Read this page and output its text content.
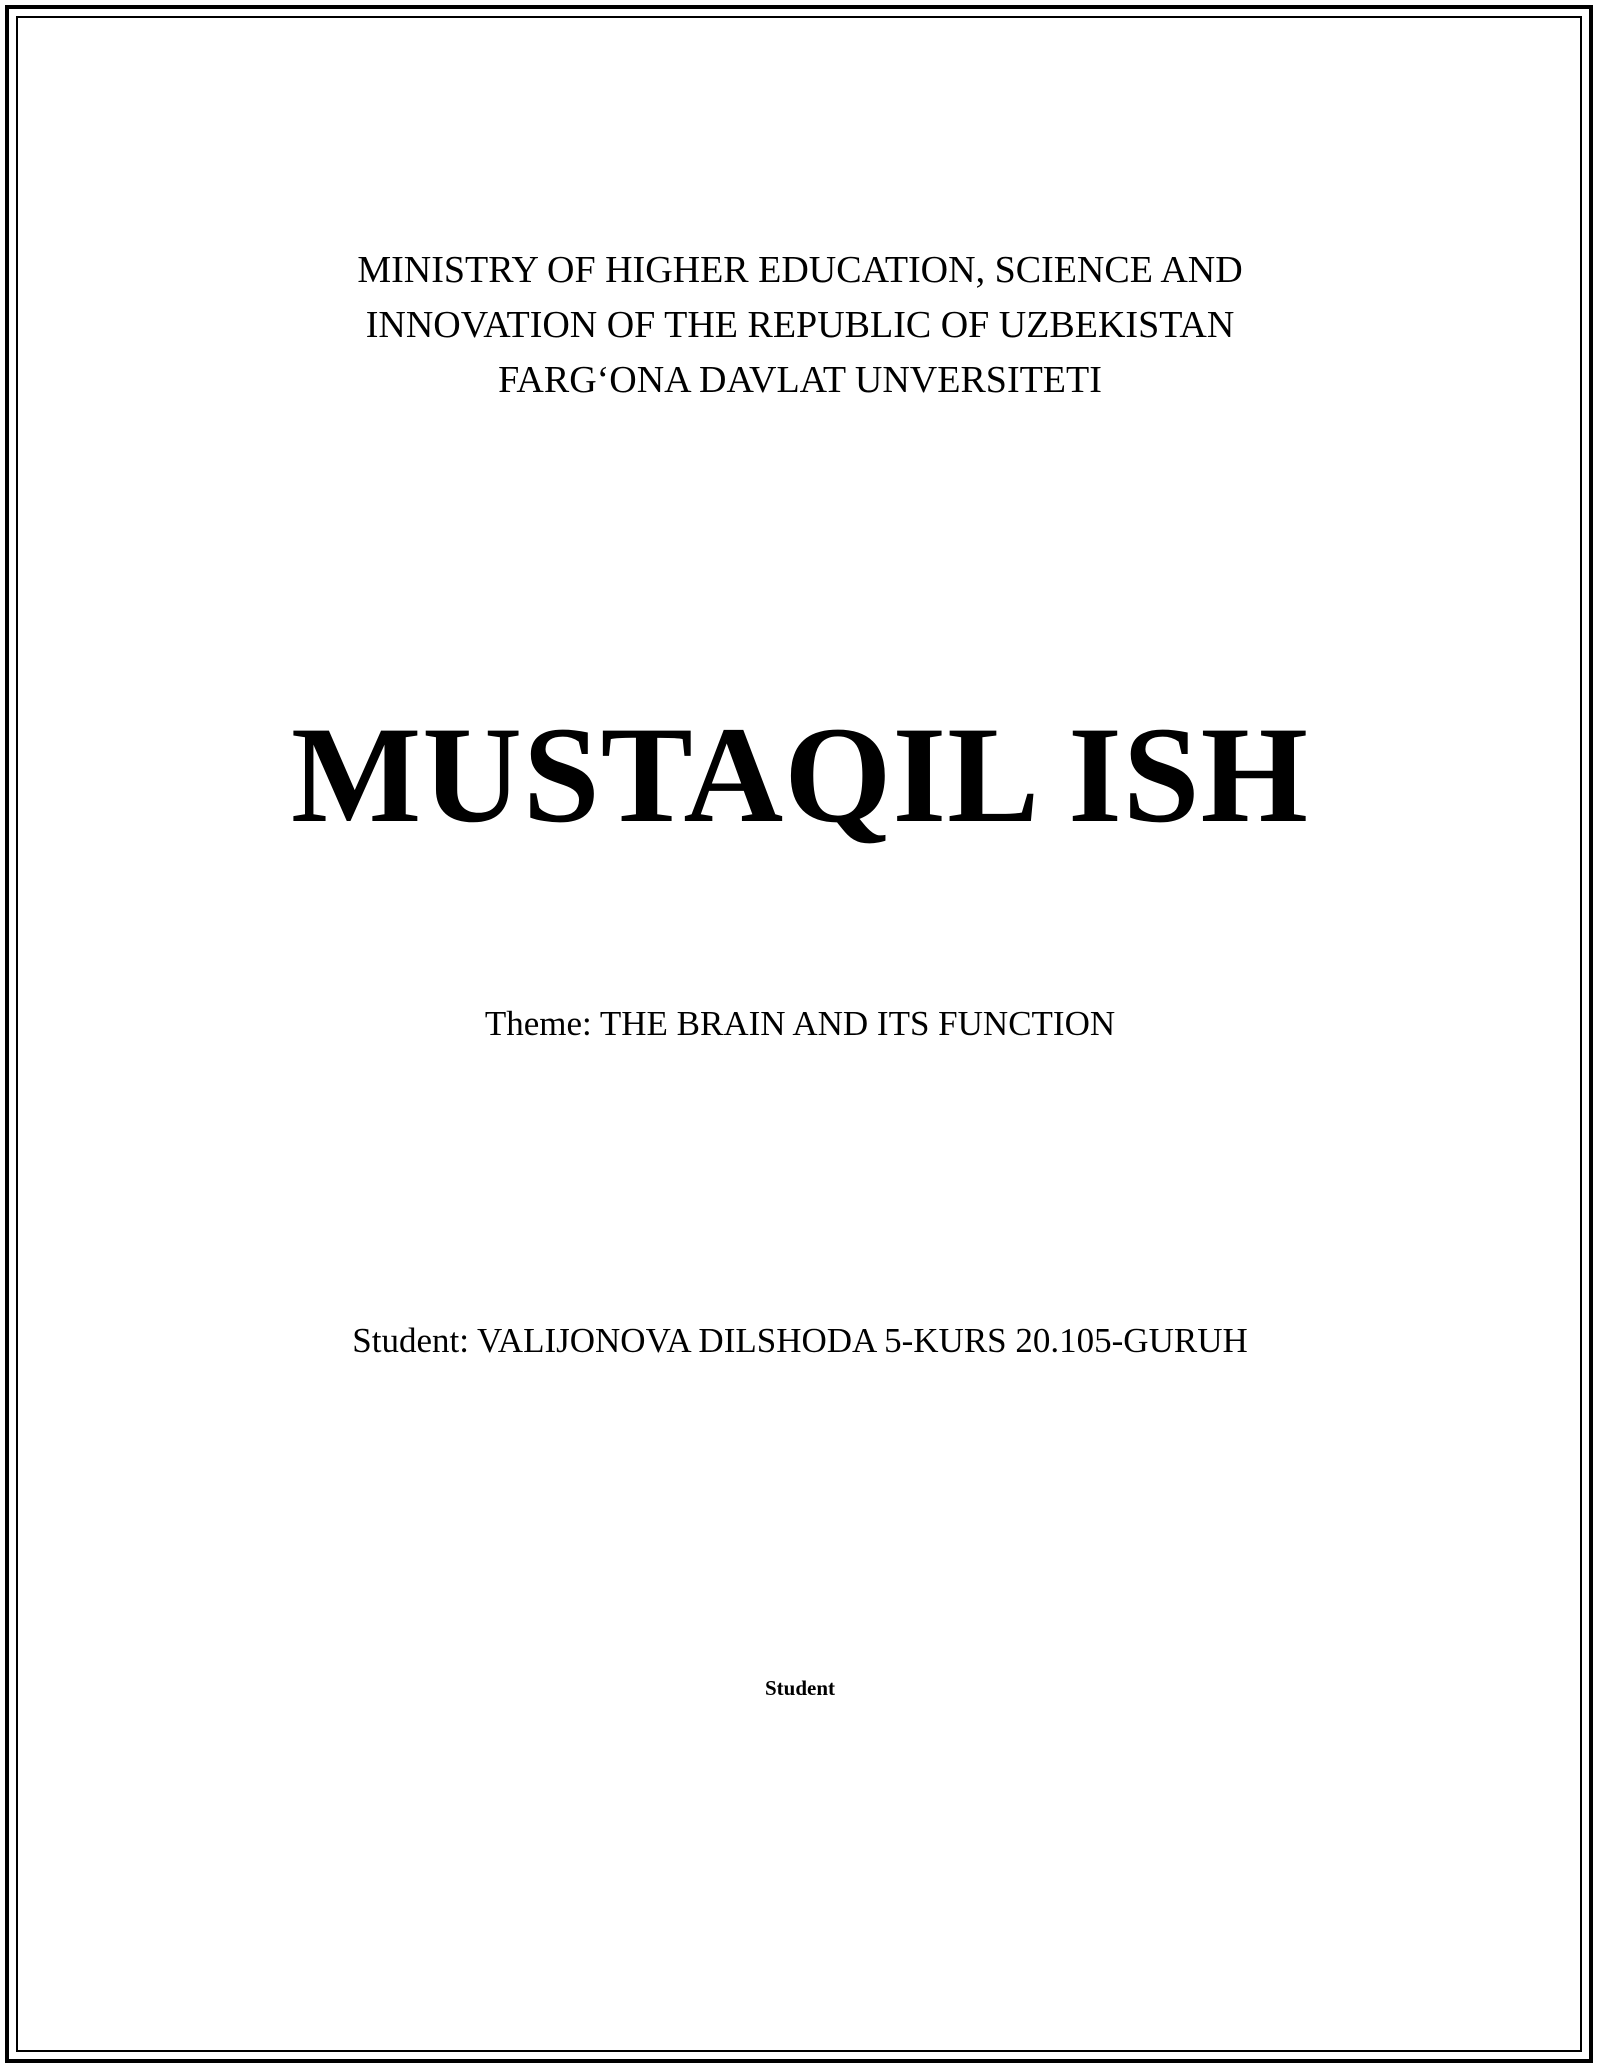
MINISTRY OF HIGHER EDUCATION, SCIENCE AND
INNOVATION OF THE REPUBLIC OF UZBEKISTAN
FARG‘ONA DAVLAT UNVERSITETI
MUSTAQIL ISH
Theme: THE BRAIN AND ITS FUNCTION
Student: VALIJONOVA DILSHODA 5-KURS 20.105-GURUH
Student
